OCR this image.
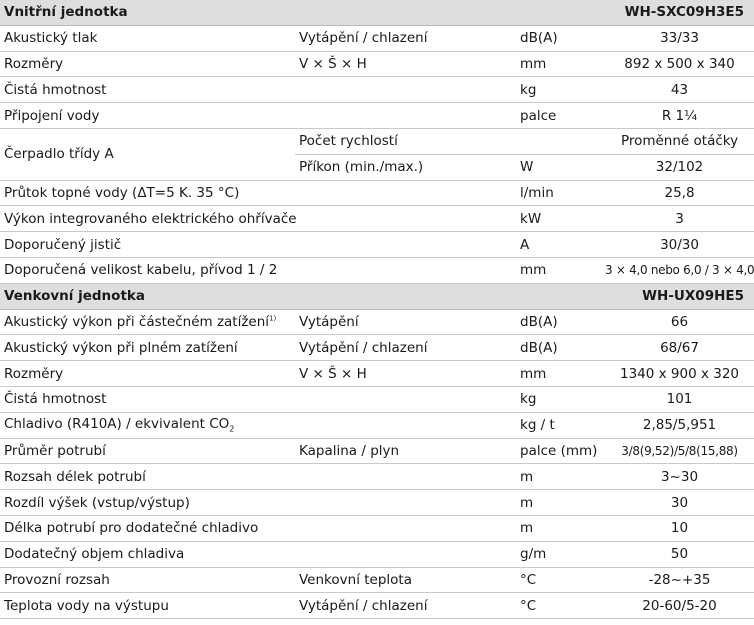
Vnitřní jednotka			WH-SXC09H3E5
Akustický tlak	Vytápění / chlazení	dB(A)	33/33
Rozměry	V × Š × H	mm	892 x 500 x 340
Čistá hmotnost		kg	43
Připojení vody		palce	R 1¼
Čerpadlo třídy A	Počet rychlostí		Proměnné otáčky
	Příkon (min./max.)	W	32/102
Průtok topné vody (ΔT=5 K. 35 °C)		l/min	25,8
Výkon integrovaného elektrického ohřívače		kW	3
Doporučený jistič		A	30/30
Doporučená velikost kabelu, přívod 1 / 2		mm	3 × 4,0 nebo 6,0 / 3 × 4,0
Venkovní jednotka			WH-UX09HE5
Akustický výkon při částečném zatížení$^{1)}$	Vytápění	dB(A)	66
Akustický výkon při plném zatížení	Vytápění / chlazení	dB(A)	68/67
Rozměry	V × Š × H	mm	1340 x 900 x 320
Čistá hmotnost		kg	101
Chladivo (R410A) / ekvivalent $CO_2$		kg / t	2,85/5,951
Průměr potrubí	Kapalina / plyn	palce (mm)	3/8(9,52)/5/8(15,88)
Rozsah délek potrubí		m	3~30
Rozdíl výšek (vstup/výstup)		m	30
Délka potrubí pro dodatečné chladivo		m	10
Dodatečný objem chladiva		g/m	50
Provozní rozsah	Venkovní teplota	°C	-28~+35
Teplota vody na výstupu	Vytápění / chlazení	°C	20-60/5-20
